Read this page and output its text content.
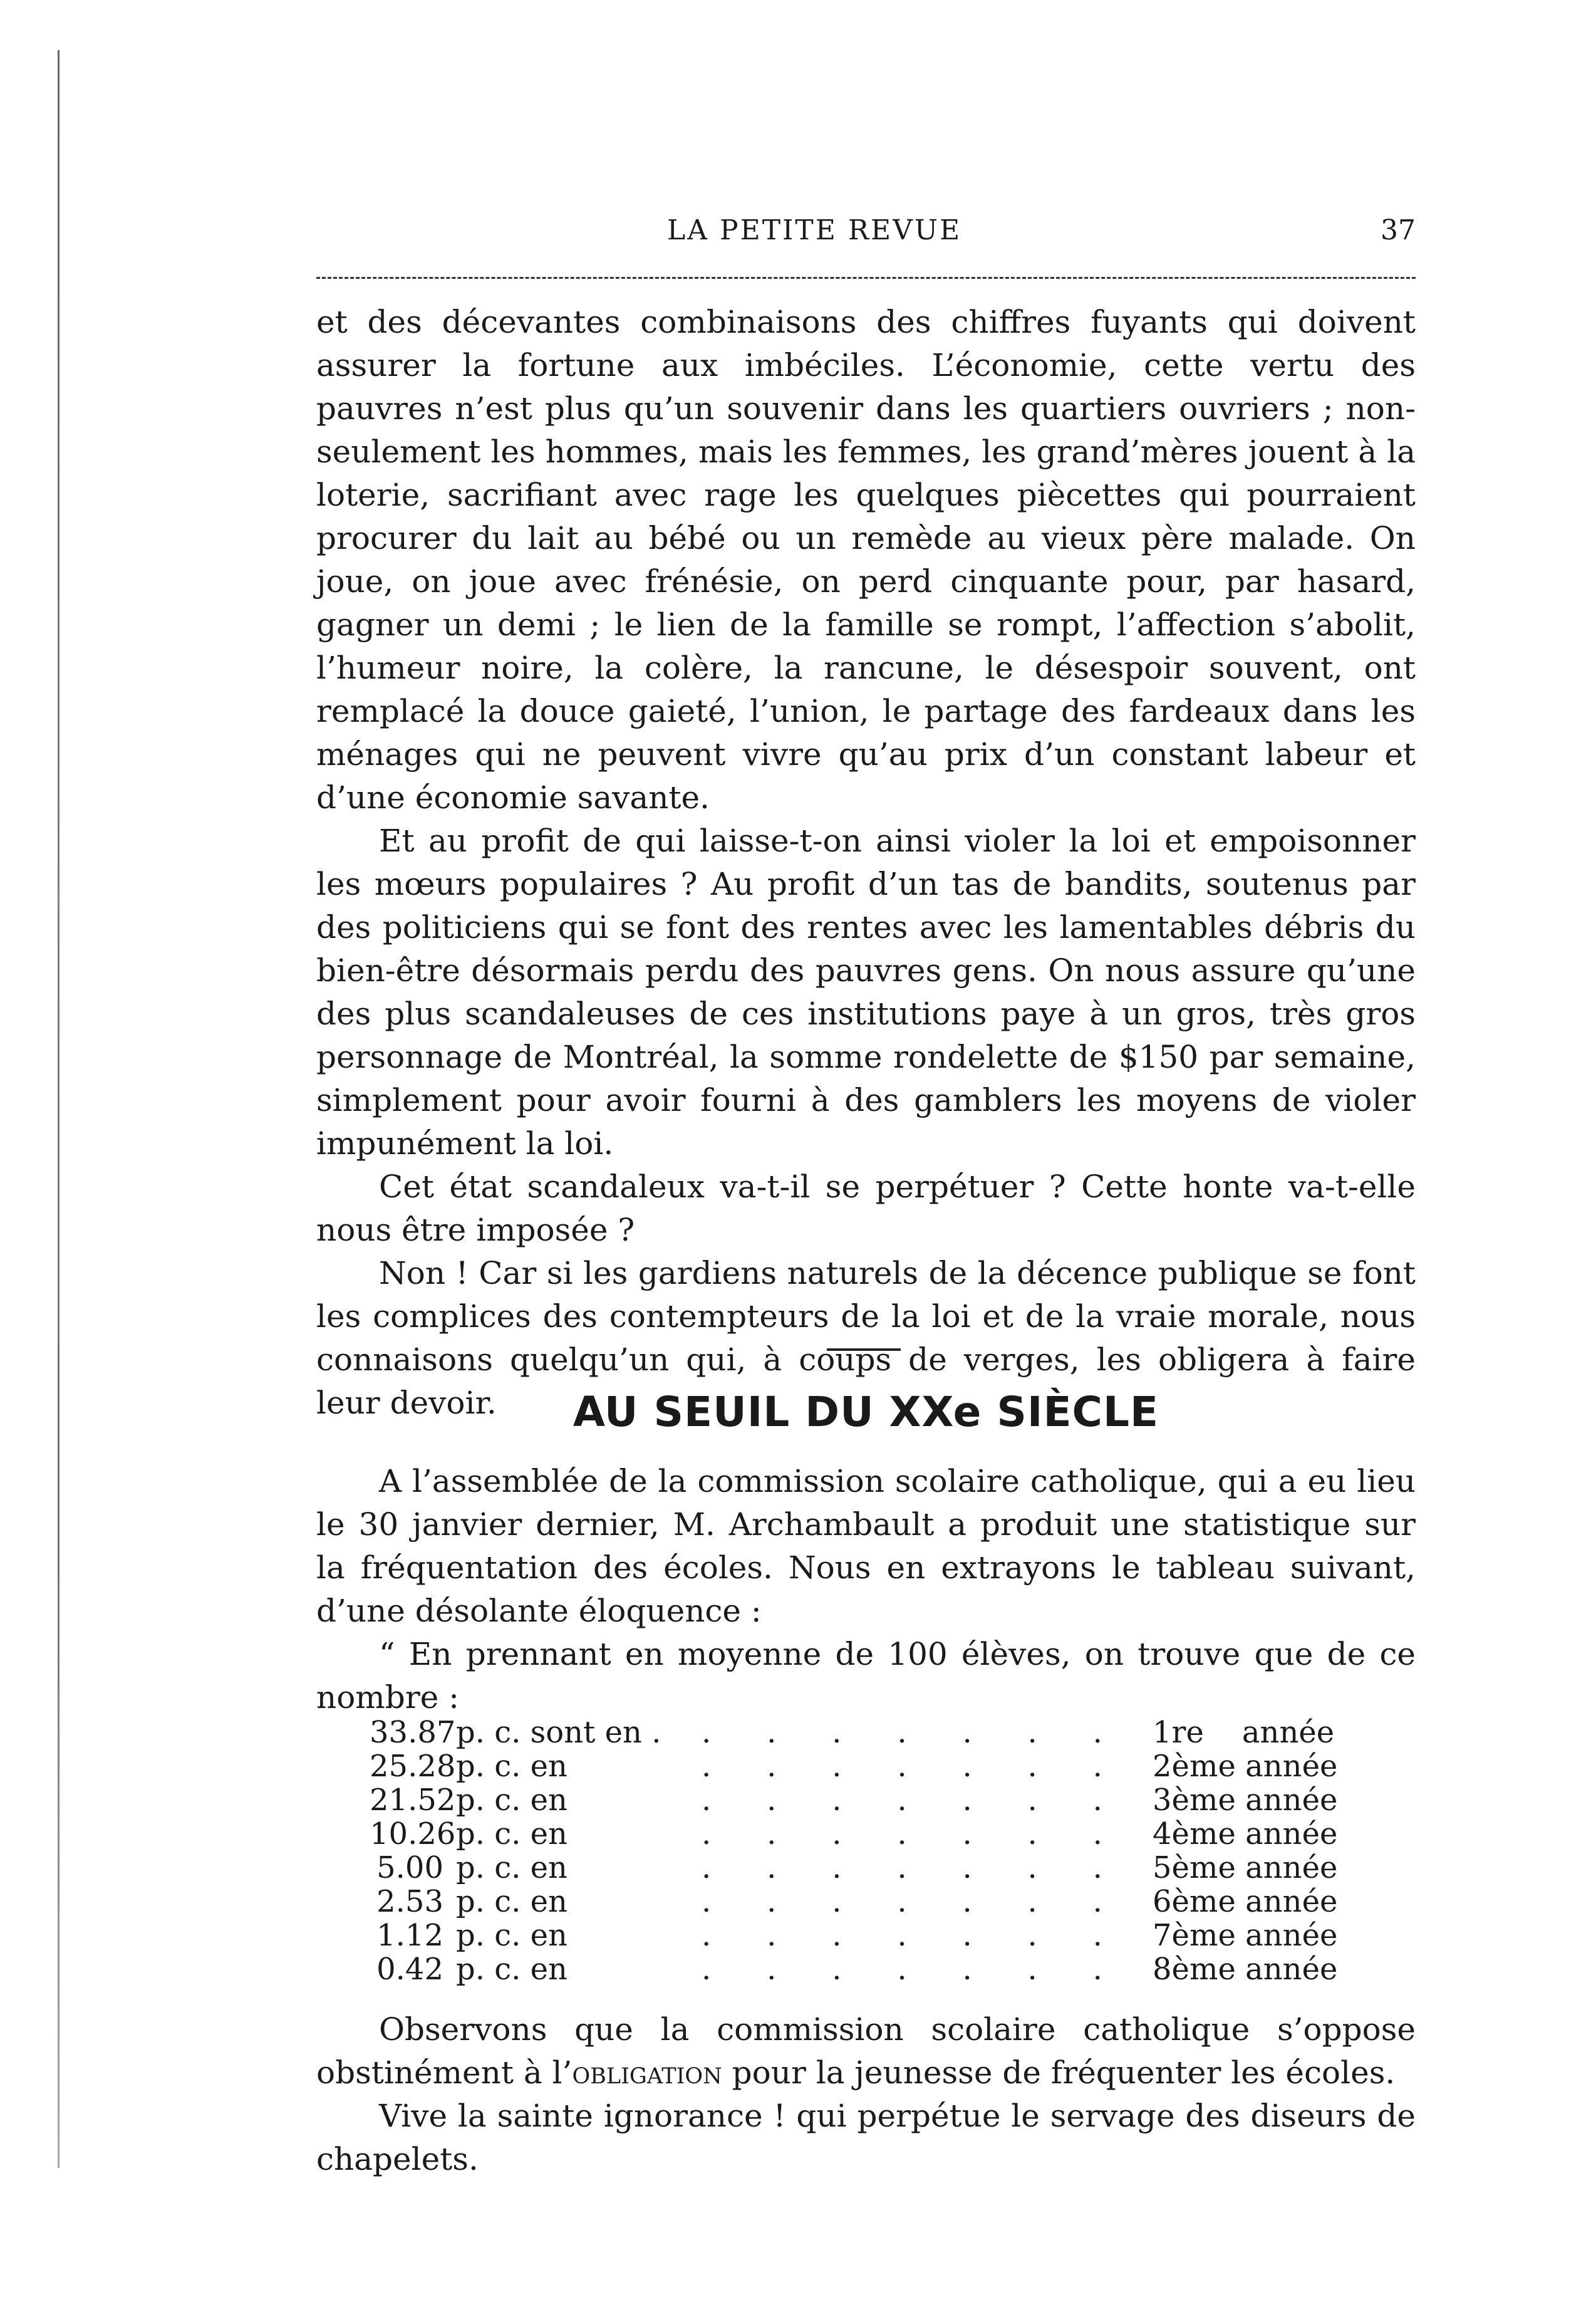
LA PETITE REVUE	37

et des décevantes combinaisons des chiffres fuyants qui doivent assurer la fortune aux imbéciles. L’économie, cette vertu des pauvres n’est plus qu’un souvenir dans les quartiers ouvriers ; non-seulement les hommes, mais les femmes, les grand’mères jouent à la loterie, sacrifiant avec rage les quelques piècettes qui pourraient procurer du lait au bébé ou un remède au vieux père malade. On joue, on joue avec frénésie, on perd cinquante pour, par hasard, gagner un demi ; le lien de la famille se rompt, l’affection s’abolit, l’humeur noire, la colère, la rancune, le désespoir souvent, ont remplacé la douce gaieté, l’union, le partage des fardeaux dans les ménages qui ne peuvent vivre qu’au prix d’un constant labeur et d’une économie savante.

Et au profit de qui laisse-t-on ainsi violer la loi et empoisonner les mœurs populaires ? Au profit d’un tas de bandits, soutenus par des politiciens qui se font des rentes avec les lamentables débris du bien-être désormais perdu des pauvres gens. On nous assure qu’une des plus scandaleuses de ces institutions paye à un gros, très gros personnage de Montréal, la somme rondelette de $150 par semaine, simplement pour avoir fourni à des gamblers les moyens de violer impunément la loi.

Cet état scandaleux va-t-il se perpétuer ? Cette honte va-t-elle nous être imposée ?

Non ! Car si les gardiens naturels de la décence publique se font les complices des contempteurs de la loi et de la vraie morale, nous connaisons quelqu’un qui, à coups de verges, les obligera à faire leur devoir.	AU SEUIL DU XXe SIÈCLE

A l’assemblée de la commission scolaire catholique, qui a eu lieu le 30 janvier dernier, M. Archambault a produit une statistique sur la fréquentation des écoles. Nous en extrayons le tableau suivant, d’une désolante éloquence :

“ En prennant en moyenne de 100 élèves, on trouve que de ce nombre :

33.87 p. c. sont en . . . . . . . . 1re    année
25.28 p. c. en	. . . . . . . 2ème année
21.52 p. c. en	. . . . . . . 3ème année
10.26 p. c. en	. . . . . . . 4ème année
5.00 p. c. en	. . . . . . . 5ème année
2.53 p. c. en	. . . . . . . 6ème année
1.12 p. c. en	. . . . . . . 7ème année
0.42 p. c. en	. . . . . . . 8ème année

Observons que la commission scolaire catholique s’oppose obstinément à l’obligation pour la jeunesse de fréquenter les écoles.

Vive la sainte ignorance ! qui perpétue le servage des diseurs de chapelets.
